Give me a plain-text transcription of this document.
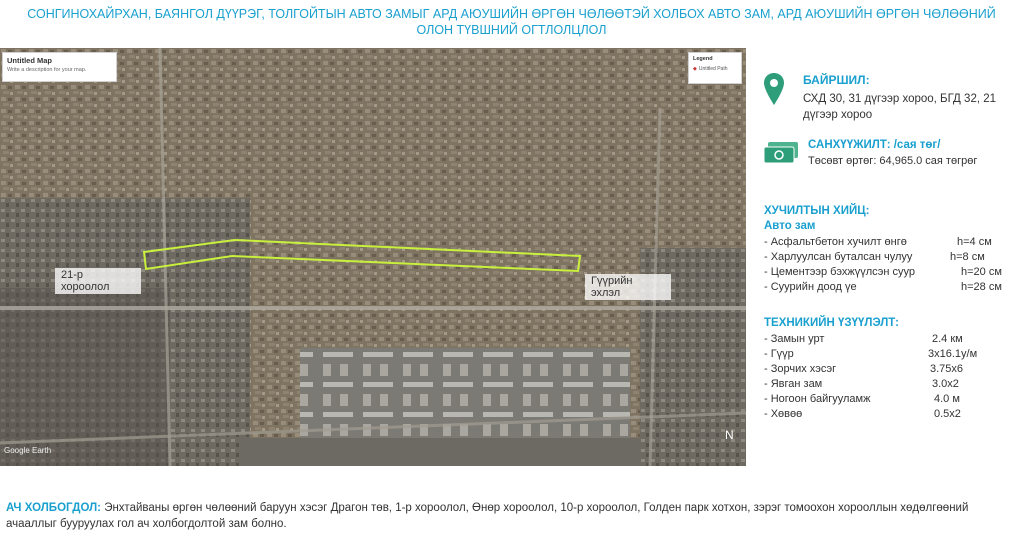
СОНГИНОХАЙРХАН, БАЯНГОЛ ДҮҮРЭГ, ТОЛГОЙТЫН АВТО ЗАМЫГ АРД АЮУШИЙН ӨРГӨН ЧӨЛӨӨТЭЙ ХОЛБОХ АВТО ЗАМ, АРД АЮУШИЙН ӨРГӨН ЧӨЛӨӨНИЙ
ОЛОН ТҮВШНИЙ ОГТЛОЛЦЛОЛ
Untitled Map
Write a description for your map.
Legend
◆ Untitled Path
21-р
хороолол	Гүүрийн
эхлэл
Google Earth
N
БАЙРШИЛ:
СХД 30, 31 дүгээр хороо, БГД 32, 21 дүгээр хороо
САНХҮҮЖИЛТ: /сая төг/
Төсөвт өртөг: 64,965.0 сая төгрөг
ХУЧИЛТЫН ХИЙЦ:
Авто зам
- Асфальтбетон хучилт өнгө	h=4 см
- Харлуулсан буталсан чулуу	h=8 см
- Цементээр бэхжүүлсэн суур	h=20 см
- Суурийн доод үе	h=28 см
ТЕХНИКИЙН ҮЗҮҮЛЭЛТ:
- Замын урт	2.4 км
- Гүүр	3x16.1у/м
- Зорчих хэсэг	3.75x6
- Явган зам	3.0x2
- Ногоон байгууламж	4.0 м
- Хөвөө	0.5x2
АЧ ХОЛБОГДОЛ: Энхтайваны өргөн чөлөөний баруун хэсэг Драгон төв, 1-р хороолол, Өнөр хороолол, 10-р хороолол, Голден парк хотхон, зэрэг томоохон хорооллын хөдөлгөөний ачааллыг бууруулах гол ач холбогдолтой зам болно.
